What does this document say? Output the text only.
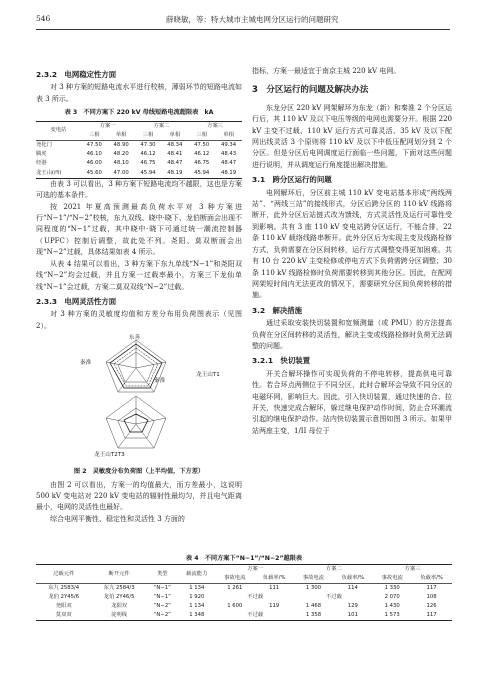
546	薛晓敏，等：特大城市主城电网分区运行的问题研究
2.3.2　电网稳定性方面

对 3 种方案的短路电流水平进行校核，薄弱环节的短路电流如表 3 所示。

表 3　不同方案下 220 kV 母线短路电流超限表　kA
变电站	方案一		方案二		方案三	
	三相	单相	三相	单相	三相	单相
尧化门	47.50	48.90	47.30	48.34	47.50	49.34
腾虎	46.10	48.20	46.12	48.41	46.12	48.43
经港	46.00	48.10	46.75	48.47	46.75	48.47
龙王山(西)	45.60	47.00	45.94	48.19	45.94	48.19

由表 3 可以看出，3 种方案下短路电流均不越限，这也是方案可选的基本条件。

按 2021 年夏高预测最高负荷水平对 3 种方案进行“N−1”/“N−2”校核，东九双线、晓中·晓下、龙伯断面会出现不同程度的“N−1”过载，其中晓中·晓下可通过统一潮流控制器（UPFC）控制后调整，故此处不列。尧阳、莫双断面会出现“N−2”过载，具体结果如表 4 所示。

从表 4 结果可以看出，3 种方案下东九单线“N−1”和尧阳双线“N−2”均会过载，并且方案一过载率最小，方案三下龙仙单线“N−1”会过载，方案二莫双双线“N−2”过载。

2.3.3　电网灵活性方面

对 3 种方案的灵敏度均值和方差分布用负荷图表示（见图 2）。

东善
秦淮
秦淮
龙王山T1
龙王山T2T3
图 2　灵敏度分布负荷图（上半均值，下方差）

由图 2 可以看出，方案一的均值最大，而方差最小，这说明 500 kV 变电站对 220 kV 变电站的辐射性最均匀，并且电气距离最小，电网的灵活性也最好。

综合电网平衡性、稳定性和灵活性 3 方面的

指标，方案一最适宜于南京主城 220 kV 电网。

3　分区运行的问题及解决办法

东龙分区 220 kV 网架解环为东龙（新）和秦淮 2 个分区运行后，其 110 kV 及以下电压等级的电网也需要分开。根据 220 kV 主变不过载、110 kV 运行方式可靠灵活、35 kV 及以下配网出线灵活 3 个原则将 110 kV 及以下中低压配网划分到 2 个分区。但是分区后电网调度运行面临一些问题，下面对这些问题进行说明，并从调度运行角度提出解决措施。

3.1　跨分区运行的问题

电网解环后，分区前主城 110 kV 变电站基本形成“两线两站”、“两线三站”的接线形式，分区后跨分区的 110 kV 线路将断开，此外分区后站链式改为馈线，方式灵活性及运行可靠性受到影响。共有 3 座 110 kV 变电站跨分区运行，不能合排，22 条 110 kV 载络线路串断开。此外分区后为实现主变及线路检修方式，负荷需要在分区间转移，运行方式调整变得更加困难。共有 10 台 220 kV 主变检修或停电方式下负荷需跨分区调整；30 条 110 kV 线路检修时负荷需要转移到其他分区。因此，在配网网架短时间内无法更改的情况下，需要研究分区间负荷转移的措施。

3.2　解决措施

通过采取安装快切装置和宽频测量（或 PMU）的方法提高负荷在分区间转移的灵活性，解决主变或线路检修时负荷无法调整的问题。

3.2.1　快切装置

开关合解环操作可实现负荷的不停电转移，提高供电可靠性。若合环点两侧位于不同分区，此时合解环会导致不同分区的电磁环网，影响巨大。因此，引入快切装置，通过快速的合、拉开关，快速完成合解环，躲过继电保护动作时间，防止合环潮流引起的继电保护动作。站内快切装置示意图如图 3 所示。如果甲站两座主变，1/II 母位于

表 4　不同方案下“N−1”/“N−2”越限表
过载元件	断开元件	类型	载流能力	方案一		方案二		方案三	
				事故电流	负载率/%	事故电流	负载率/%	事故电流	负载率/%
东九 2583/4	东九 2584/3	“N−1”	1 134	1 261	111	1 300	114	1 330	117
龙伯 2Y45/6	龙伯 2Y46/5	“N−1”	1 920	不过载		不过载		2 070	108
尧阳双	龙阳双	“N−2”	1 134	1 600	119	1 468	129	1 430	126
莫双双	淀明线	“N−2”	1 348	不过载		1 358	101	1 573	117
